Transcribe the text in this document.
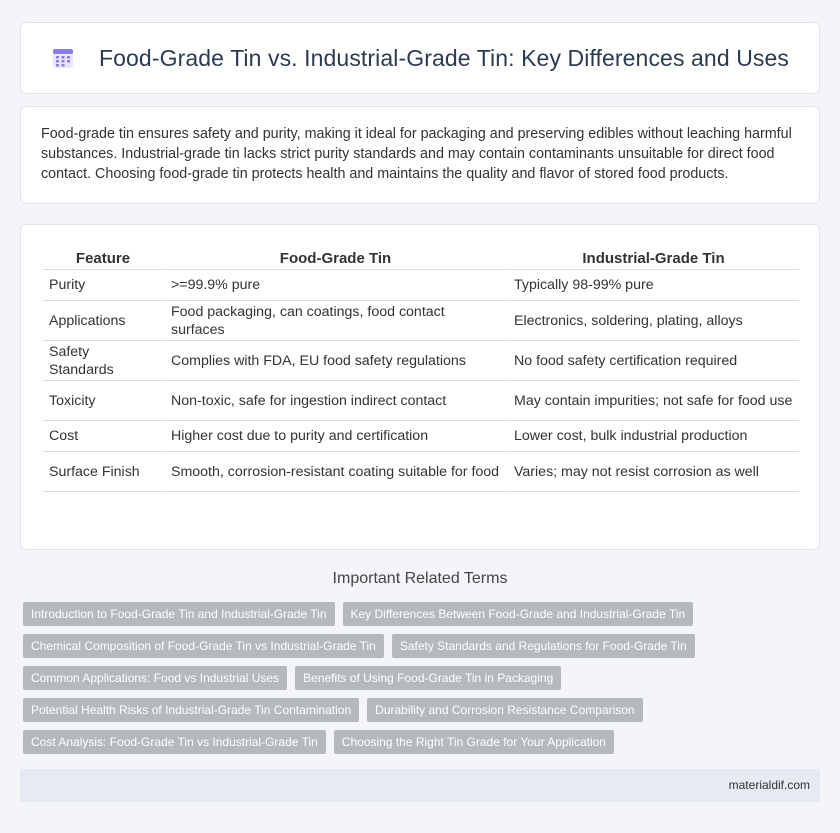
Food-Grade Tin vs. Industrial-Grade Tin: Key Differences and Uses

Food-grade tin ensures safety and purity, making it ideal for packaging and preserving edibles without leaching harmful substances. Industrial-grade tin lacks strict purity standards and may contain contaminants unsuitable for direct food contact. Choosing food-grade tin protects health and maintains the quality and flavor of stored food products.

Feature	Food-Grade Tin	Industrial-Grade Tin
Purity	>=99.9% pure	Typically 98-99% pure
Applications	Food packaging, can coatings, food contact surfaces	Electronics, soldering, plating, alloys
Safety Standards	Complies with FDA, EU food safety regulations	No food safety certification required
Toxicity	Non-toxic, safe for ingestion indirect contact	May contain impurities; not safe for food use
Cost	Higher cost due to purity and certification	Lower cost, bulk industrial production
Surface Finish	Smooth, corrosion-resistant coating suitable for food	Varies; may not resist corrosion as well
Important Related Terms
Introduction to Food-Grade Tin and Industrial-Grade Tin	Key Differences Between Food-Grade and Industrial-Grade Tin
Chemical Composition of Food-Grade Tin vs Industrial-Grade Tin	Safety Standards and Regulations for Food-Grade Tin
Common Applications: Food vs Industrial Uses	Benefits of Using Food-Grade Tin in Packaging
Potential Health Risks of Industrial-Grade Tin Contamination	Durability and Corrosion Resistance Comparison
Cost Analysis: Food-Grade Tin vs Industrial-Grade Tin	Choosing the Right Tin Grade for Your Application
materialdif.com
